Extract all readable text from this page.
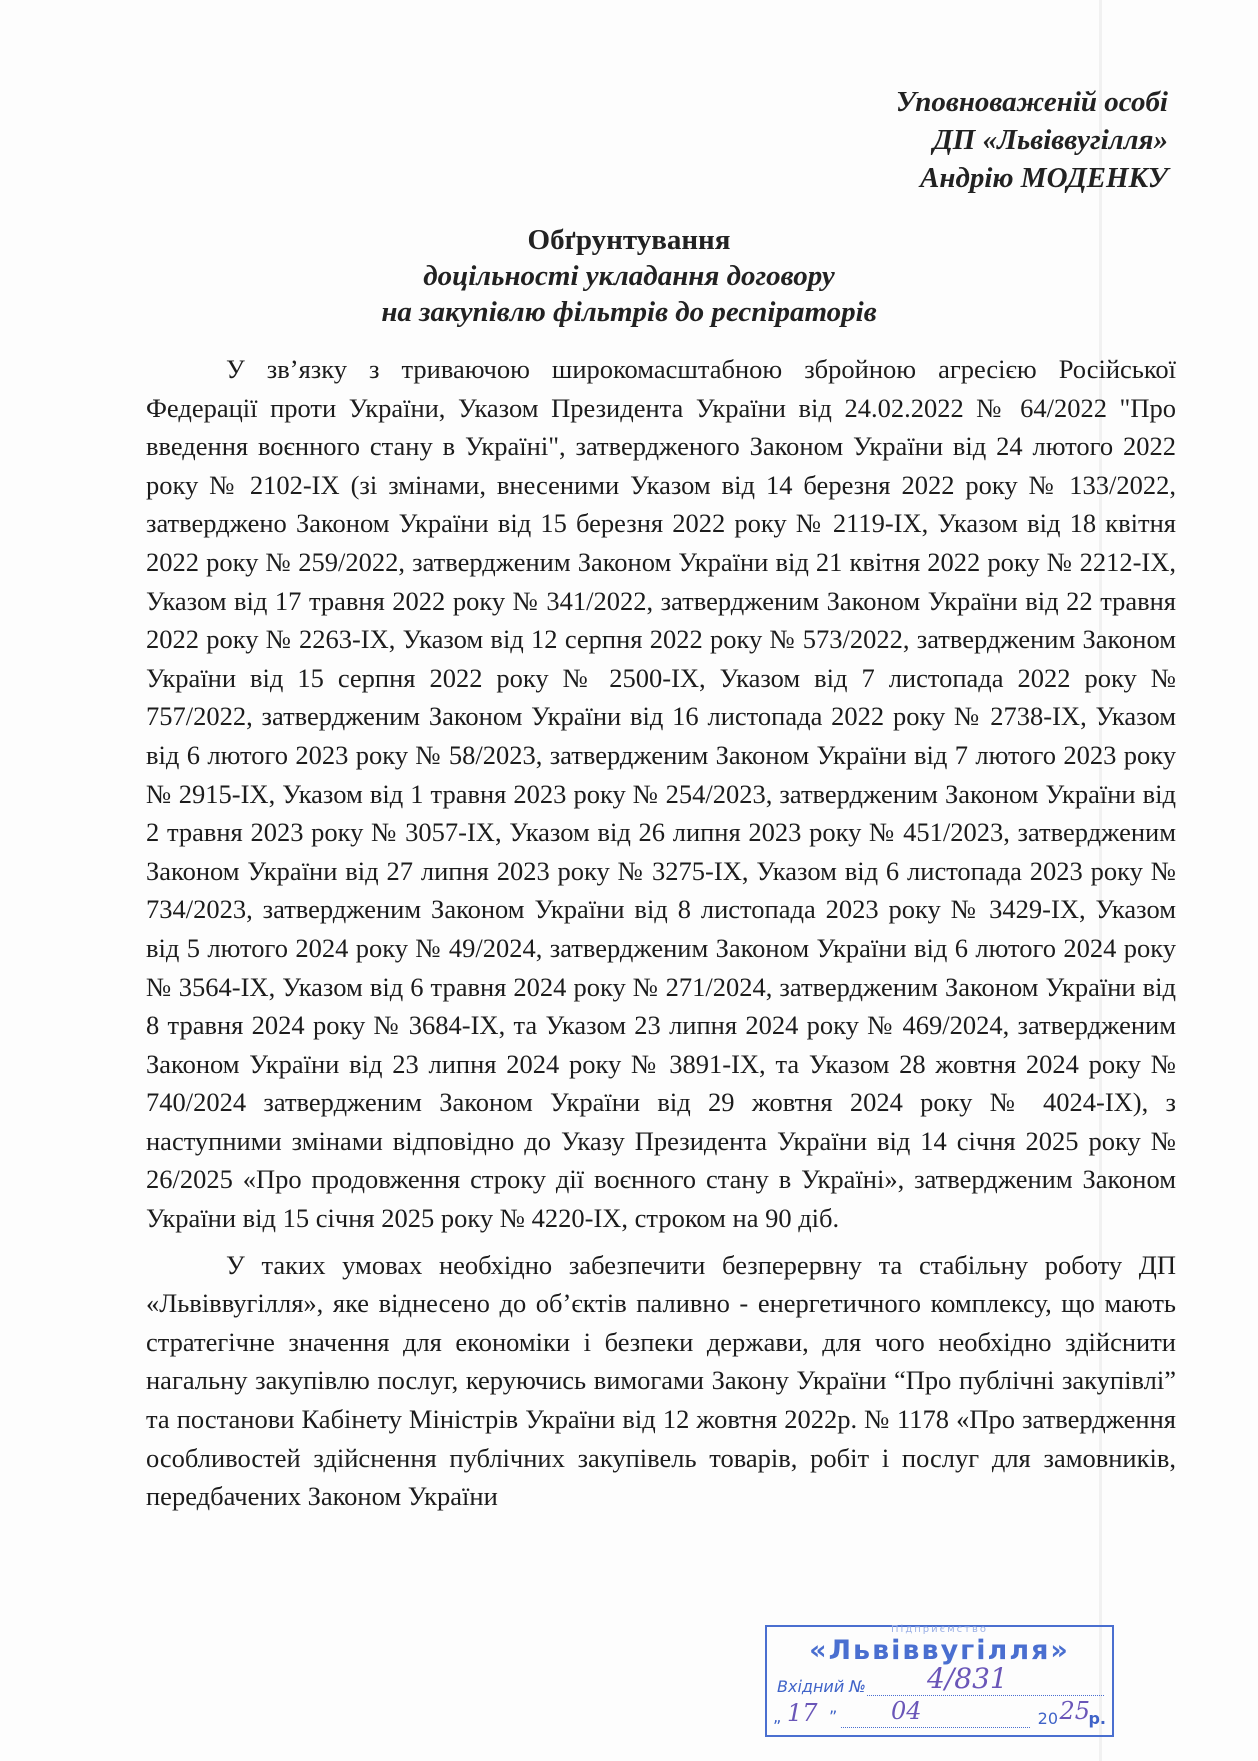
Уповноваженій особі
ДП «Львіввугілля»
Андрію МОДЕНКУ
Обґрунтування
доцільності укладання договору
на закупівлю фільтрів до респіраторів

У зв’язку з триваючою широкомасштабною збройною агресією Російської Федерації проти України, Указом Президента України від 24.02.2022 № 64/2022 "Про введення воєнного стану в Україні", затвердженого Законом України від 24 лютого 2022 року № 2102-IX (зі змінами, внесеними Указом від 14 березня 2022 року № 133/2022, затверджено Законом України від 15 березня 2022 року № 2119-IX, Указом від 18 квітня 2022 року № 259/2022, затвердженим Законом України від 21 квітня 2022 року № 2212-IX, Указом від 17 травня 2022 року № 341/2022, затвердженим Законом України від 22 травня 2022 року № 2263-IX, Указом від 12 серпня 2022 року № 573/2022, затвердженим Законом України від 15 серпня 2022 року № 2500-IX, Указом від 7 листопада 2022 року № 757/2022, затвердженим Законом України від 16 листопада 2022 року № 2738-IX, Указом від 6 лютого 2023 року № 58/2023, затвердженим Законом України від 7 лютого 2023 року № 2915-IX, Указом від 1 травня 2023 року № 254/2023, затвердженим Законом України від 2 травня 2023 року № 3057-IX, Указом від 26 липня 2023 року № 451/2023, затвердженим Законом України від 27 липня 2023 року № 3275-IX, Указом від 6 листопада 2023 року № 734/2023, затвердженим Законом України від 8 листопада 2023 року № 3429-IX, Указом від 5 лютого 2024 року № 49/2024, затвердженим Законом України від 6 лютого 2024 року № 3564-IX, Указом від 6 травня 2024 року № 271/2024, затвердженим Законом України від 8 травня 2024 року № 3684-IX, та Указом 23 липня 2024 року № 469/2024, затвердженим Законом України від 23 липня 2024 року № 3891-IX, та Указом 28 жовтня 2024 року № 740/2024 затвердженим Законом України від 29 жовтня 2024 року № 4024-IX), з наступними змінами відповідно до Указу Президента України від 14 січня 2025 року № 26/2025 «Про продовження строку дії воєнного стану в Україні», затвердженим Законом України від 15 січня 2025 року № 4220-IX, строком на 90 діб.

У таких умовах необхідно забезпечити безперервну та стабільну роботу ДП «Львіввугілля», яке віднесено до об’єктів паливно - енергетичного комплексу, що мають стратегічне значення для економіки і безпеки держави, для чого необхідно здійснити нагальну закупівлю послуг, керуючись вимогами Закону України “Про публічні закупівлі” та постанови Кабінету Міністрів України від 12 жовтня 2022р. № 1178 «Про затвердження особливостей здійснення публічних закупівель товарів, робіт і послуг для замовників, передбачених Законом України

Підприємство
«Львіввугілля»
Вхідний № 4/831
„ 17 ” 04	20 25
р.
